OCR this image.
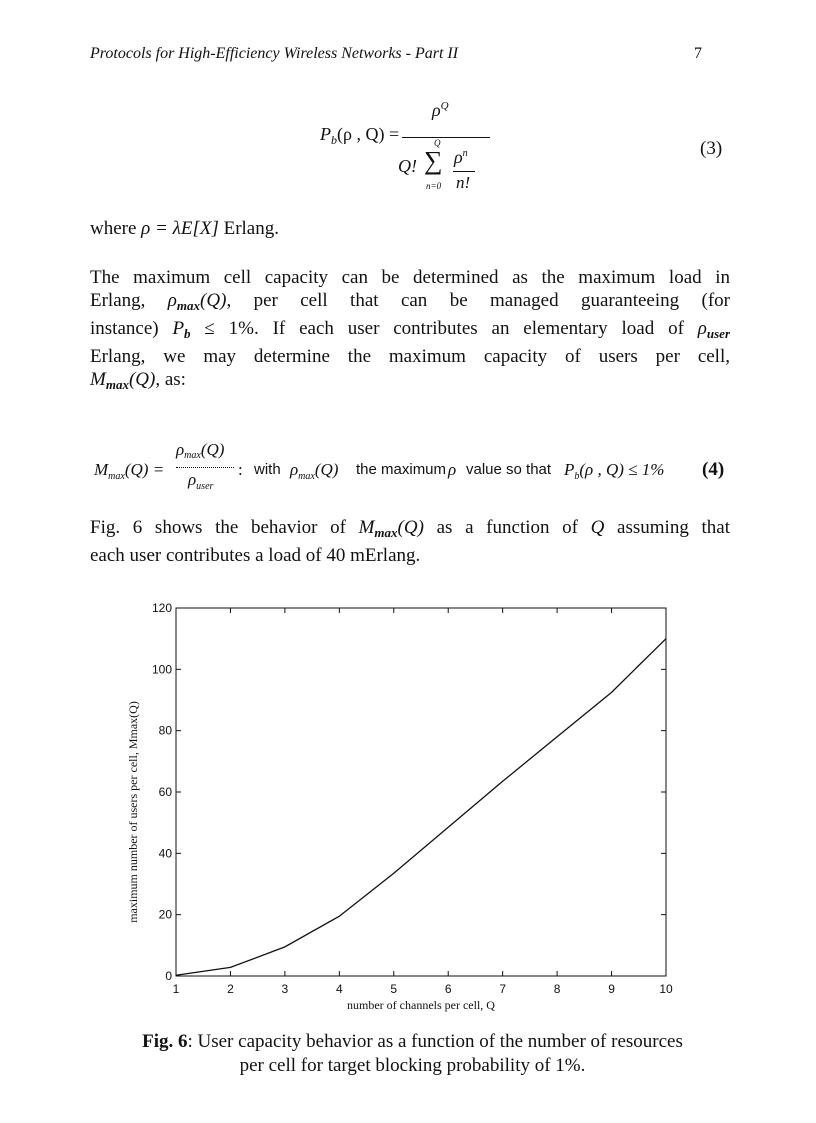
Protocols for High-Efficiency Wireless Networks - Part II	7
$P_b(\rho$ , Q) =
$\rho^Q$
Q!
Q
∑
n=0
$\rho^n$
n!
(3)
where ρ = λE[X] Erlang.
The maximum cell capacity can be determined as the maximum load in
Erlang, $\rho_{max}(Q)$, per cell that can be managed guaranteeing (for
instance) $P_b \le 1\%$. If each user contributes an elementary load of $\rho_{user}$
Erlang, we may determine the maximum capacity of users per cell,
$M_{max}(Q)$, as:
$M_{max}(Q)$ =
ρmax(Q)
$\rho_{user}$
: with $\rho_{max}(Q)$ the maximum ρ value so that $P_b(\rho$ , Q) ≤ 1% (4)
Fig. 6 shows the behavior of $M_{max}(Q)$ as a function of Q assuming that
each user contributes a load of 40 mErlang.
1	2	3	4	5	6	7	8	9	10
0
20
40
60
80
100
120
number of channels per cell, Q
maximum number of users per cell, Mmax(Q)
Fig. 6: User capacity behavior as a function of the number of resources
per cell for target blocking probability of 1%.
